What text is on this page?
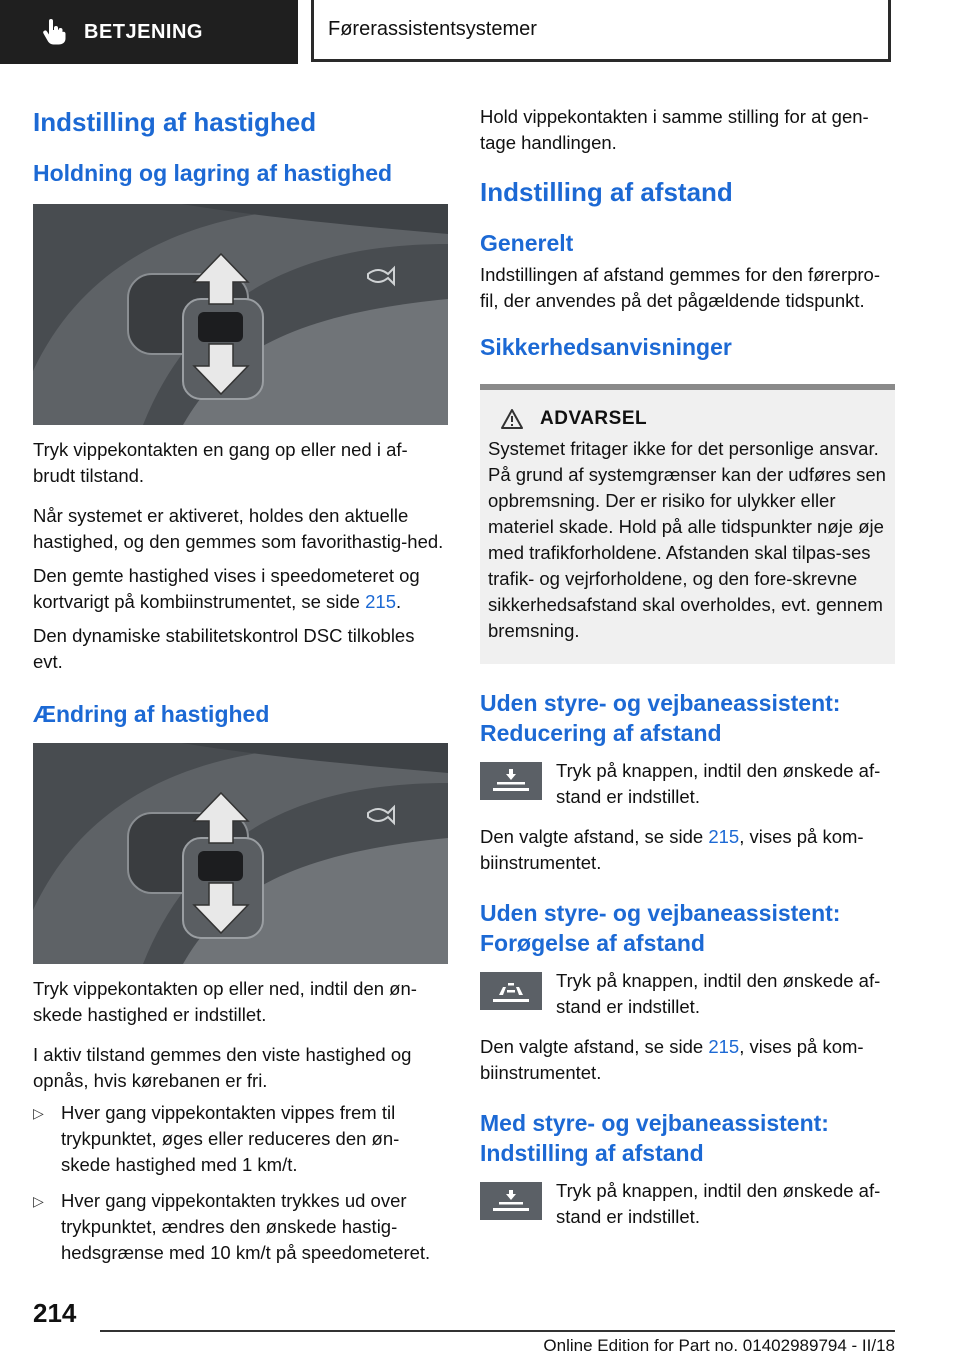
BETJENING	Førerassistentsystemer
Indstilling af hastighed
Holdning og lagring af hastighed

Tryk vippekontakten en gang op eller ned i af-brudt tilstand.

Når systemet er aktiveret, holdes den aktuelle hastighed, og den gemmes som favorithastig-hed.

Den gemte hastighed vises i speedometeret og kortvarigt på kombiinstrumentet, se side 215.

Den dynamiske stabilitetskontrol DSC tilkobles evt.

Ændring af hastighed

Tryk vippekontakten op eller ned, indtil den øn-skede hastighed er indstillet.

I aktiv tilstand gemmes den viste hastighed og opnås, hvis kørebanen er fri.

▷ Hver gang vippekontakten vippes frem til trykpunktet, øges eller reduceres den øn-skede hastighed med 1 km/t.
▷ Hver gang vippekontakten trykkes ud over trykpunktet, ændres den ønskede hastig-hedsgrænse med 10 km/t på speedometeret.

Hold vippekontakten i samme stilling for at gen-tage handlingen.

Indstilling af afstand
Generelt

Indstillingen af afstand gemmes for den førerpro-fil, der anvendes på det pågældende tidspunkt.

Sikkerhedsanvisninger
ADVARSEL

Systemet fritager ikke for det personlige ansvar. På grund af systemgrænser kan der udføres sen opbremsning. Der er risiko for ulykker eller materiel skade. Hold på alle tidspunkter nøje øje med trafikforholdene. Afstanden skal tilpas-ses trafik- og vejrforholdene, og den fore-skrevne sikkerhedsafstand skal overholdes, evt. gennem bremsning.

Uden styre- og vejbaneassistent: Reducering af afstand

Tryk på knappen, indtil den ønskede af-stand er indstillet.

Den valgte afstand, se side 215, vises på kom-biinstrumentet.

Uden styre- og vejbaneassistent: Forøgelse af afstand

Tryk på knappen, indtil den ønskede af-stand er indstillet.

Den valgte afstand, se side 215, vises på kom-biinstrumentet.

Med styre- og vejbaneassistent: Indstilling af afstand

Tryk på knappen, indtil den ønskede af-stand er indstillet.

214
Online Edition for Part no. 01402989794 - II/18
